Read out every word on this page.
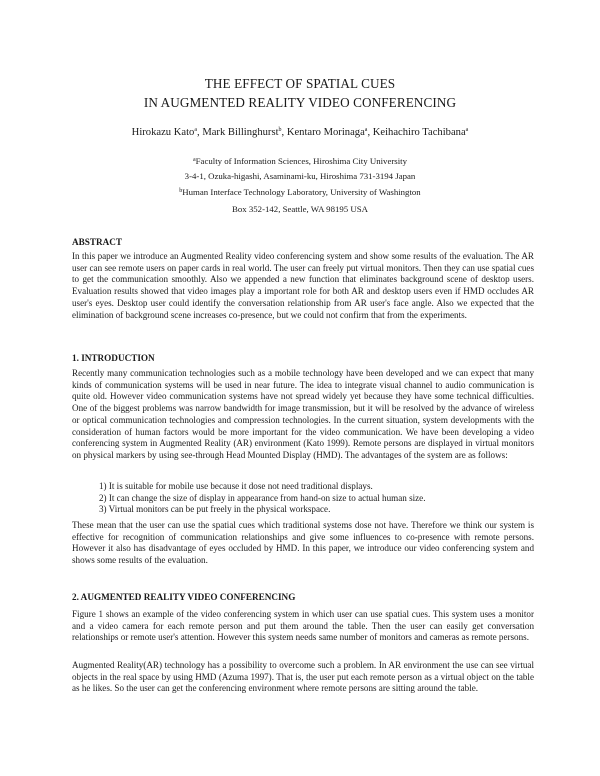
THE EFFECT OF SPATIAL CUES
IN AUGMENTED REALITY VIDEO CONFERENCING
Hirokazu Kato$^a$, Mark Billinghurst$^b$, Kentaro Morinaga$^a$, Keihachiro Tachibana$^a$
$^a$Faculty of Information Sciences, Hiroshima City University
3-4-1, Ozuka-higashi, Asaminami-ku, Hiroshima 731-3194 Japan
$^b$Human Interface Technology Laboratory, University of Washington
Box 352-142, Seattle, WA 98195 USA
ABSTRACT
In this paper we introduce an Augmented Reality video conferencing system and show some results of the evaluation. The AR user can see remote users on paper cards in real world. The user can freely put virtual monitors. Then they can use spatial cues to get the communication smoothly. Also we appended a new function that eliminates background scene of desktop users. Evaluation results showed that video images play a important role for both AR and desktop users even if HMD occludes AR user's eyes. Desktop user could identify the conversation relationship from AR user's face angle. Also we expected that the elimination of background scene increases co-presence, but we could not confirm that from the experiments.
1. INTRODUCTION
Recently many communication technologies such as a mobile technology have been developed and we can expect that many kinds of communication systems will be used in near future. The idea to integrate visual channel to audio communication is quite old. However video communication systems have not spread widely yet because they have some technical difficulties. One of the biggest problems was narrow bandwidth for image transmission, but it will be resolved by the advance of wireless or optical communication technologies and compression technologies. In the current situation, system developments with the consideration of human factors would be more important for the video communication. We have been developing a video conferencing system in Augmented Reality (AR) environment (Kato 1999). Remote persons are displayed in virtual monitors on physical markers by using see-through Head Mounted Display (HMD). The advantages of the system are as follows:
1) It is suitable for mobile use because it dose not need traditional displays.
2) It can change the size of display in appearance from hand-on size to actual human size.
3) Virtual monitors can be put freely in the physical workspace.
These mean that the user can use the spatial cues which traditional systems dose not have. Therefore we think our system is effective for recognition of communication relationships and give some influences to co-presence with remote persons. However it also has disadvantage of eyes occluded by HMD. In this paper, we introduce our video conferencing system and shows some results of the evaluation.
2. AUGMENTED REALITY VIDEO CONFERENCING
Figure 1 shows an example of the video conferencing system in which user can use spatial cues. This system uses a monitor and a video camera for each remote person and put them around the table. Then the user can easily get conversation relationships or remote user's attention. However this system needs same number of monitors and cameras as remote persons.
Augmented Reality(AR) technology has a possibility to overcome such a problem. In AR environment the use can see virtual objects in the real space by using HMD (Azuma 1997). That is, the user put each remote person as a virtual object on the table as he likes. So the user can get the conferencing environment where remote persons are sitting around the table.
